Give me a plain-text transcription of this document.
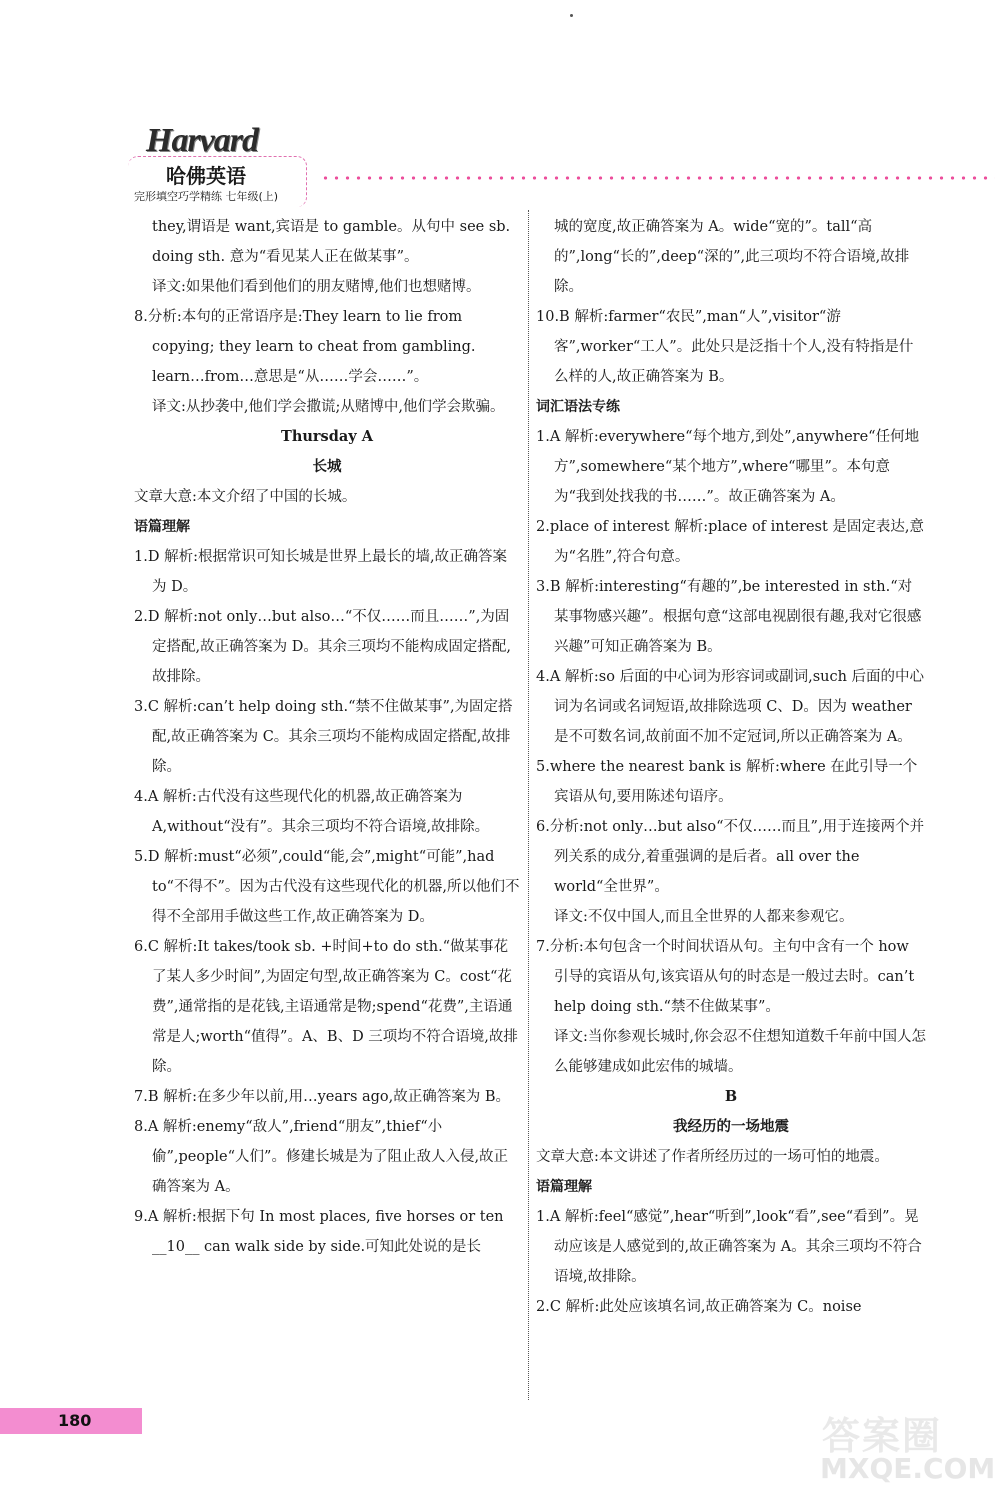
Harvard
哈佛英语
完形填空巧学精练 七年级(上)

they,谓语是 want,宾语是 to gamble。从句中 see sb. doing sth. 意为“看见某人正在做某事”。

译文:如果他们看到他们的朋友赌博,他们也想赌博。

8.分析:本句的正常语序是:They learn to lie from copying; they learn to cheat from gambling. learn…from…意思是“从……学会……”。

译文:从抄袭中,他们学会撒谎;从赌博中,他们学会欺骗。

Thursday A

长城

文章大意:本文介绍了中国的长城。

语篇理解

1.D 解析:根据常识可知长城是世界上最长的墙,故正确答案为 D。

2.D 解析:not only…but also…“不仅……而且……”,为固定搭配,故正确答案为 D。其余三项均不能构成固定搭配,故排除。

3.C 解析:can’t help doing sth.“禁不住做某事”,为固定搭配,故正确答案为 C。其余三项均不能构成固定搭配,故排除。

4.A 解析:古代没有这些现代化的机器,故正确答案为 A,without“没有”。其余三项均不符合语境,故排除。

5.D 解析:must“必须”,could“能,会”,might“可能”,had to“不得不”。因为古代没有这些现代化的机器,所以他们不得不全部用手做这些工作,故正确答案为 D。

6.C 解析:It takes/took sb. +时间+to do sth.“做某事花了某人多少时间”,为固定句型,故正确答案为 C。cost“花费”,通常指的是花钱,主语通常是物;spend“花费”,主语通常是人;worth“值得”。A、B、D 三项均不符合语境,故排除。

7.B 解析:在多少年以前,用…years ago,故正确答案为 B。

8.A 解析:enemy“敌人”,friend“朋友”,thief“小偷”,people“人们”。修建长城是为了阻止敌人入侵,故正确答案为 A。

9.A 解析:根据下句 In most places, five horses or ten __10__ can walk side by side.可知此处说的是长

城的宽度,故正确答案为 A。wide“宽的”。tall“高的”,long“长的”,deep“深的”,此三项均不符合语境,故排除。

10.B 解析:farmer“农民”,man“人”,visitor“游客”,worker“工人”。此处只是泛指十个人,没有特指是什么样的人,故正确答案为 B。

词汇语法专练

1.A 解析:everywhere“每个地方,到处”,anywhere“任何地方”,somewhere“某个地方”,where“哪里”。本句意为“我到处找我的书……”。故正确答案为 A。

2.place of interest 解析:place of interest 是固定表达,意为“名胜”,符合句意。

3.B 解析:interesting“有趣的”,be interested in sth.“对某事物感兴趣”。根据句意“这部电视剧很有趣,我对它很感兴趣”可知正确答案为 B。

4.A 解析:so 后面的中心词为形容词或副词,such 后面的中心词为名词或名词短语,故排除选项 C、D。因为 weather 是不可数名词,故前面不加不定冠词,所以正确答案为 A。

5.where the nearest bank is 解析:where 在此引导一个宾语从句,要用陈述句语序。

6.分析:not only…but also“不仅……而且”,用于连接两个并列关系的成分,着重强调的是后者。all over the world“全世界”。

译文:不仅中国人,而且全世界的人都来参观它。

7.分析:本句包含一个时间状语从句。主句中含有一个 how 引导的宾语从句,该宾语从句的时态是一般过去时。can’t help doing sth.“禁不住做某事”。

译文:当你参观长城时,你会忍不住想知道数千年前中国人怎么能够建成如此宏伟的城墙。

B

我经历的一场地震

文章大意:本文讲述了作者所经历过的一场可怕的地震。

语篇理解

1.A 解析:feel“感觉”,hear“听到”,look“看”,see“看到”。晃动应该是人感觉到的,故正确答案为 A。其余三项均不符合语境,故排除。

2.C 解析:此处应该填名词,故正确答案为 C。noise

180	答案圈
MXQE.COM
